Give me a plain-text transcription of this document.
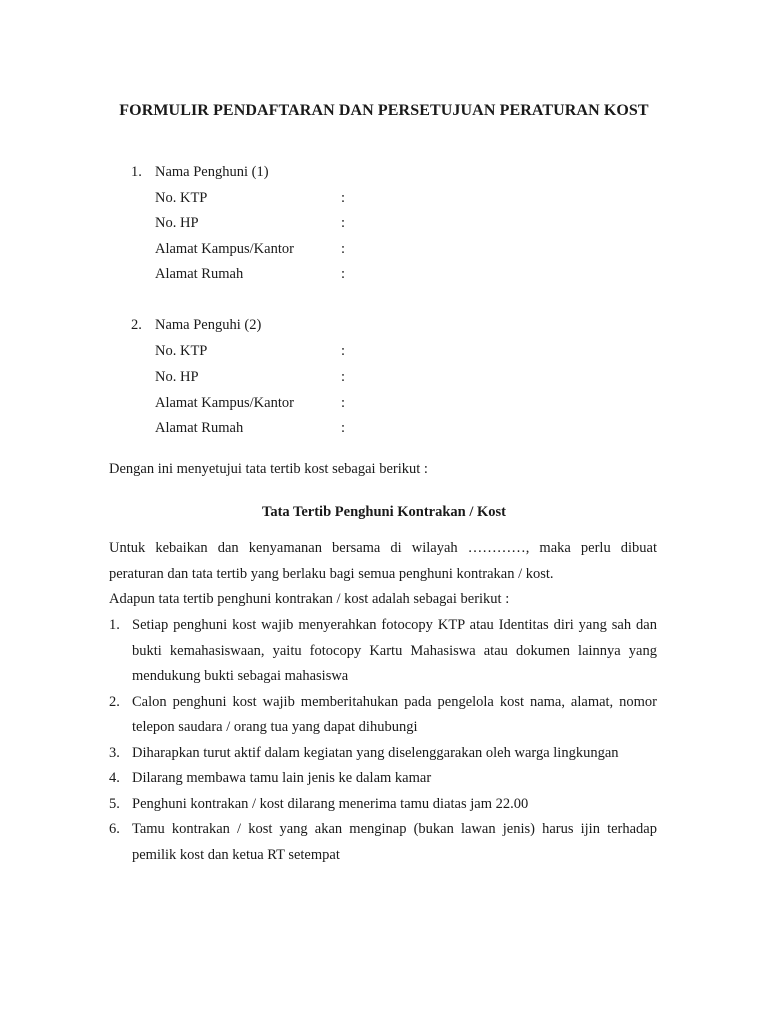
FORMULIR PENDAFTARAN DAN PERSETUJUAN PERATURAN KOST
1. Nama Penghuni (1)
No. KTP	:
No. HP	:
Alamat Kampus/Kantor	:
Alamat Rumah	:
2. Nama Penguhi (2)
No. KTP	:
No. HP	:
Alamat Kampus/Kantor	:
Alamat Rumah	:
Dengan ini menyetujui tata tertib kost sebagai berikut :
Tata Tertib Penghuni Kontrakan / Kost
Untuk kebaikan dan kenyamanan bersama di wilayah …………, maka perlu dibuat
peraturan dan tata tertib yang berlaku bagi semua penghuni kontrakan / kost.
Adapun tata tertib penghuni kontrakan / kost adalah sebagai berikut :
1. Setiap penghuni kost wajib menyerahkan fotocopy KTP atau Identitas diri yang sah dan bukti kemahasiswaan, yaitu fotocopy Kartu Mahasiswa atau dokumen lainnya yang mendukung bukti sebagai mahasiswa
2. Calon penghuni kost wajib memberitahukan pada pengelola kost nama, alamat, nomor telepon saudara / orang tua yang dapat dihubungi
3. Diharapkan turut aktif dalam kegiatan yang diselenggarakan oleh warga lingkungan
4. Dilarang membawa tamu lain jenis ke dalam kamar
5. Penghuni kontrakan / kost dilarang menerima tamu diatas jam 22.00
6. Tamu kontrakan / kost yang akan menginap (bukan lawan jenis) harus ijin terhadap pemilik kost dan ketua RT setempat
